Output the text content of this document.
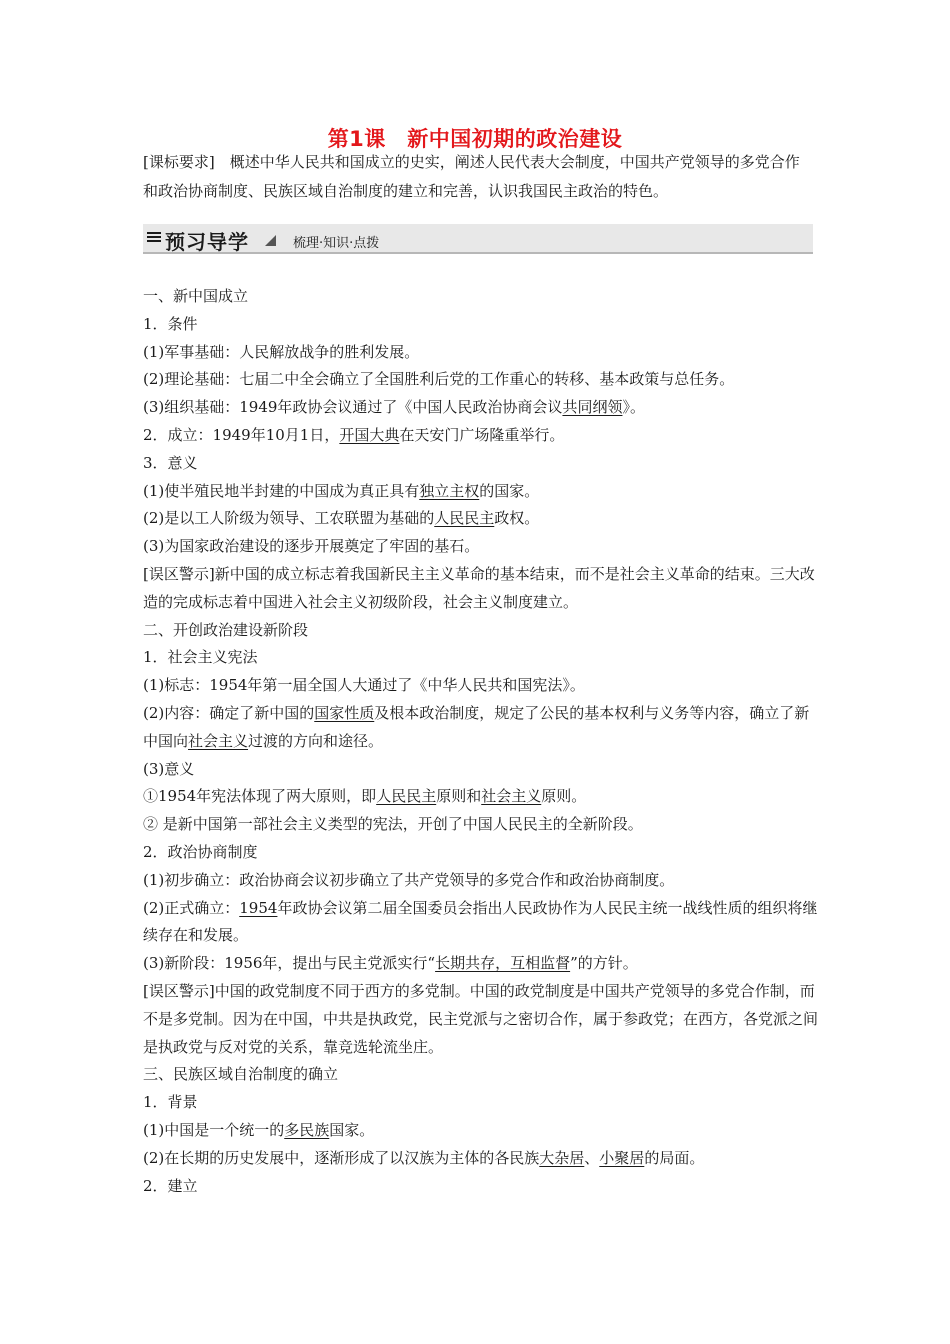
第1课　新中国初期的政治建设
[课标要求]　概述中华人民共和国成立的史实，阐述人民代表大会制度，中国共产党领导的多党合作和政治协商制度、民族区域自治制度的建立和完善，认识我国民主政治的特色。
预习导学	梳理·知识·点拨

一、新中国成立

1．条件

(1)军事基础：人民解放战争的胜利发展。

(2)理论基础：七届二中全会确立了全国胜利后党的工作重心的转移、基本政策与总任务。

(3)组织基础：1949年政协会议通过了《中国人民政治协商会议共同纲领》。

2．成立：1949年10月1日，开国大典在天安门广场隆重举行。

3．意义

(1)使半殖民地半封建的中国成为真正具有独立主权的国家。

(2)是以工人阶级为领导、工农联盟为基础的人民民主政权。

(3)为国家政治建设的逐步开展奠定了牢固的基石。

[误区警示]新中国的成立标志着我国新民主主义革命的基本结束，而不是社会主义革命的结束。三大改造的完成标志着中国进入社会主义初级阶段，社会主义制度建立。

二、开创政治建设新阶段

1．社会主义宪法

(1)标志：1954年第一届全国人大通过了《中华人民共和国宪法》。

(2)内容：确定了新中国的国家性质及根本政治制度，规定了公民的基本权利与义务等内容，确立了新中国向社会主义过渡的方向和途径。

(3)意义

①1954年宪法体现了两大原则，即人民民主原则和社会主义原则。

② 是新中国第一部社会主义类型的宪法，开创了中国人民民主的全新阶段。

2．政治协商制度

(1)初步确立：政治协商会议初步确立了共产党领导的多党合作和政治协商制度。

(2)正式确立：1954年政协会议第二届全国委员会指出人民政协作为人民民主统一战线性质的组织将继续存在和发展。

(3)新阶段：1956年，提出与民主党派实行“长期共存，互相监督”的方针。

[误区警示]中国的政党制度不同于西方的多党制。中国的政党制度是中国共产党领导的多党合作制，而不是多党制。因为在中国，中共是执政党，民主党派与之密切合作，属于参政党；在西方，各党派之间是执政党与反对党的关系，靠竞选轮流坐庄。

三、民族区域自治制度的确立

1．背景

(1)中国是一个统一的多民族国家。

(2)在长期的历史发展中，逐渐形成了以汉族为主体的各民族大杂居、小聚居的局面。

2．建立
